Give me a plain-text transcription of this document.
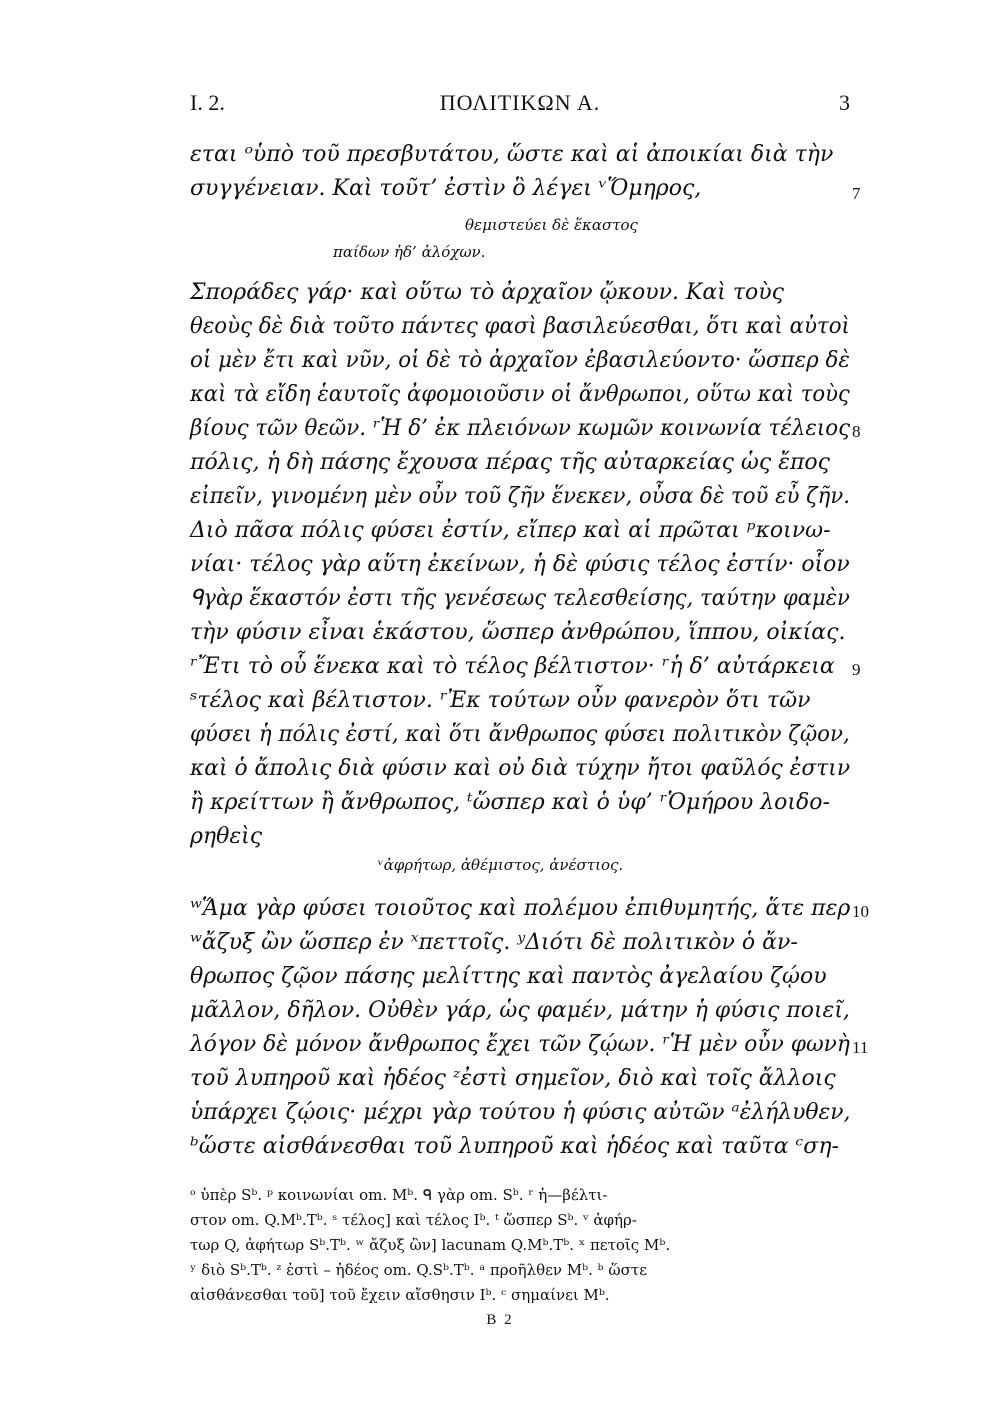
I. 2.	ΠΟΛΙΤΙΚΩΝ Α.	3
εται ᵒὑπὸ τοῦ πρεσβυτάτου, ὥστε καὶ αἱ ἀποικίαι διὰ τὴν
συγγένειαν. Καὶ τοῦτ’ ἐστὶν ὃ λέγει ᵛὍμηρος,	7
θεμιστεύει δὲ ἕκαστος
παίδων ἠδ’ ἀλόχων.
Σποράδες γάρ· καὶ οὕτω τὸ ἀρχαῖον ᾤκουν. Καὶ τοὺς
θεοὺς δὲ διὰ τοῦτο πάντες φασὶ βασιλεύεσθαι, ὅτι καὶ αὐτοὶ
οἱ μὲν ἔτι καὶ νῦν, οἱ δὲ τὸ ἀρχαῖον ἐβασιλεύοντο· ὥσπερ δὲ
καὶ τὰ εἴδη ἑαυτοῖς ἀφομοιοῦσιν οἱ ἄνθρωποι, οὕτω καὶ τοὺς
βίους τῶν θεῶν. ʳἩ δ’ ἐκ πλειόνων κωμῶν κοινωνία τέλειος 8
πόλις, ἡ δὴ πάσης ἔχουσα πέρας τῆς αὐταρκείας ὡς ἔπος
εἰπεῖν, γινομένη μὲν οὖν τοῦ ζῆν ἕνεκεν, οὖσα δὲ τοῦ εὖ ζῆν.
Διὸ πᾶσα πόλις φύσει ἐστίν, εἴπερ καὶ αἱ πρῶται ᵖκοινω-
νίαι· τέλος γὰρ αὕτη ἐκείνων, ἡ δὲ φύσις τέλος ἐστίν· οἷον
ᑫγὰρ ἕκαστόν ἐστι τῆς γενέσεως τελεσθείσης, ταύτην φαμὲν
τὴν φύσιν εἶναι ἑκάστου, ὥσπερ ἀνθρώπου, ἵππου, οἰκίας.
ʳἜτι τὸ οὗ ἕνεκα καὶ τὸ τέλος βέλτιστον· ʳἡ δ’ αὐτάρκεια	9
ˢτέλος καὶ βέλτιστον. ʳἘκ τούτων οὖν φανερὸν ὅτι τῶν
φύσει ἡ πόλις ἐστί, καὶ ὅτι ἄνθρωπος φύσει πολιτικὸν ζῷον,
καὶ ὁ ἄπολις διὰ φύσιν καὶ οὐ διὰ τύχην ἤτοι φαῦλός ἐστιν
ἢ κρείττων ἢ ἄνθρωπος, ᵗὥσπερ καὶ ὁ ὑφ’ ʳὉμήρου λοιδο-
ρηθεὶς
ᵛἀφρήτωρ, ἀθέμιστος, ἀνέστιος.
ʷἍμα γὰρ φύσει τοιοῦτος καὶ πολέμου ἐπιθυμητής, ἅτε περ 10
ʷἄζυξ ὢν ὥσπερ ἐν ˣπεττοῖς. ʸΔιότι δὲ πολιτικὸν ὁ ἄν-
θρωπος ζῷον πάσης μελίττης καὶ παντὸς ἀγελαίου ζῴου
μᾶλλον, δῆλον. Οὐθὲν γάρ, ὡς φαμέν, μάτην ἡ φύσις ποιεῖ,
λόγον δὲ μόνον ἄνθρωπος ἔχει τῶν ζῴων. ʳἩ μὲν οὖν φωνὴ 11
τοῦ λυπηροῦ καὶ ἡδέος ᶻἐστὶ σημεῖον, διὸ καὶ τοῖς ἄλλοις
ὑπάρχει ζῴοις· μέχρι γὰρ τούτου ἡ φύσις αὐτῶν ᵃἐλήλυθεν,
ᵇὥστε αἰσθάνεσθαι τοῦ λυπηροῦ καὶ ἡδέος καὶ ταῦτα ᶜση-
ᵒ ὑπὲρ Sᵇ. ᵖ κοινωνίαι om. Mᵇ. ᑫ γὰρ om. Sᵇ. ʳ ἡ—βέλτι-
στον om. Q.Mᵇ.Tᵇ. ˢ τέλος] καὶ τέλος Iᵇ. ᵗ ὥσπερ Sᵇ. ᵛ ἀφήρ-
τωρ Q, ἀφήτωρ Sᵇ.Tᵇ. ʷ ἄζυξ ὢν] lacunam Q.Mᵇ.Tᵇ. ˣ πετοῖς Mᵇ.
ʸ διὸ Sᵇ.Tᵇ. ᶻ ἐστὶ – ἡδέος om. Q.Sᵇ.Tᵇ. ᵃ προῆλθεν Mᵇ. ᵇ ὥστε
αἰσθάνεσθαι τοῦ] τοῦ ἔχειν αἴσθησιν Iᵇ. ᶜ σημαίνει Mᵇ.
B 2
